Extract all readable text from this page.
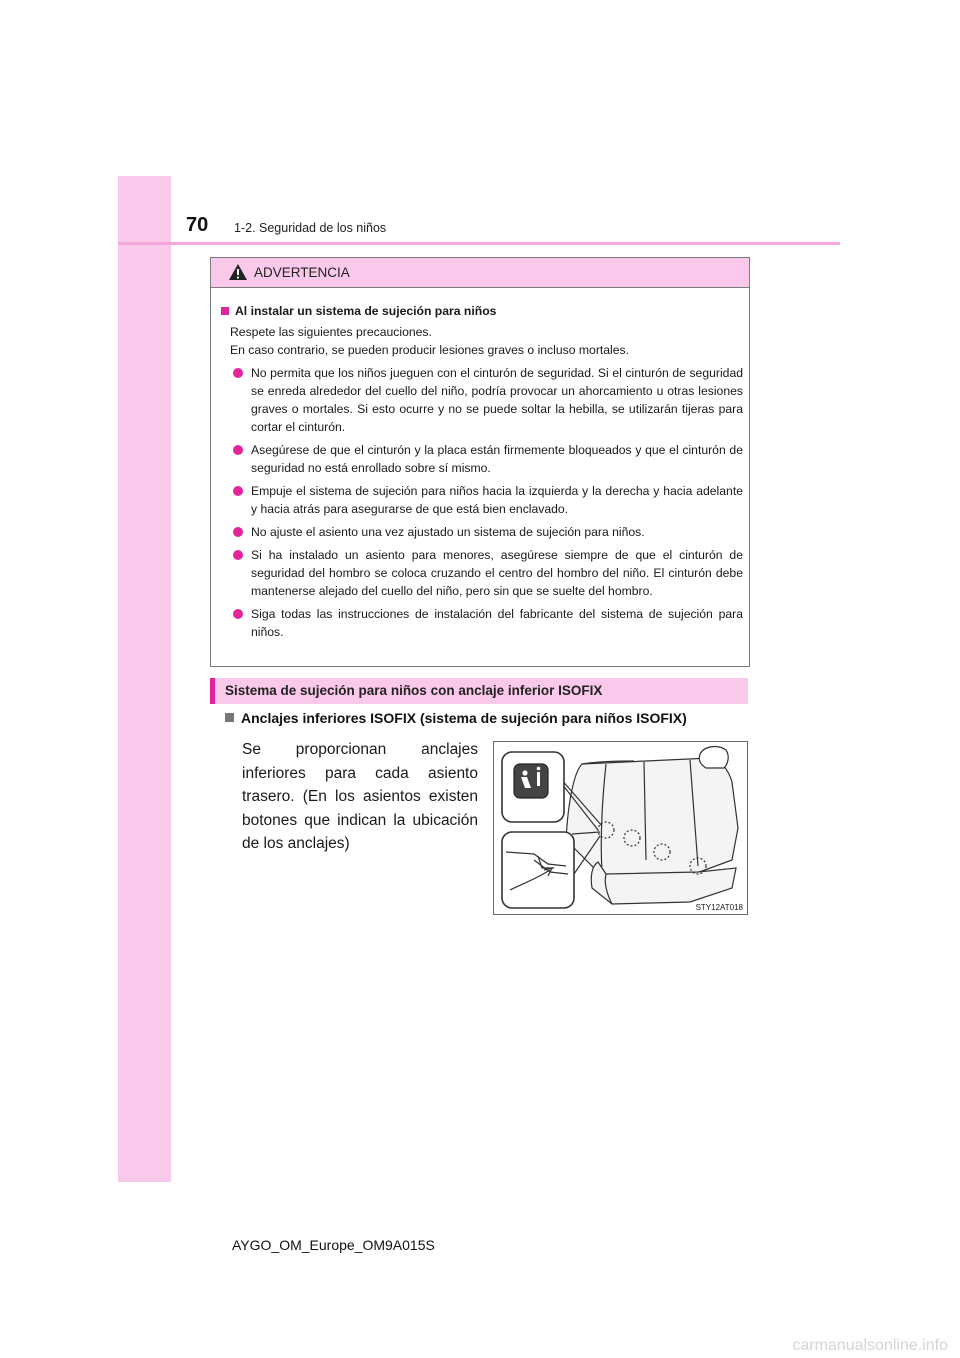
70 1-2. Seguridad de los niños
ADVERTENCIA
Al instalar un sistema de sujeción para niños
Respete las siguientes precauciones.
En caso contrario, se pueden producir lesiones graves o incluso mortales.
No permita que los niños jueguen con el cinturón de seguridad. Si el cinturón de seguridad se enreda alrededor del cuello del niño, podría provocar un ahorcamiento u otras lesiones graves o mortales. Si esto ocurre y no se puede soltar la hebilla, se utilizarán tijeras para cortar el cinturón.
Asegúrese de que el cinturón y la placa están firmemente bloqueados y que el cinturón de seguridad no está enrollado sobre sí mismo.
Empuje el sistema de sujeción para niños hacia la izquierda y la derecha y hacia adelante y hacia atrás para asegurarse de que está bien enclavado.
No ajuste el asiento una vez ajustado un sistema de sujeción para niños.
Si ha instalado un asiento para menores, asegúrese siempre de que el cinturón de seguridad del hombro se coloca cruzando el centro del hombro del niño. El cinturón debe mantenerse alejado del cuello del niño, pero sin que se suelte del hombro.
Siga todas las instrucciones de instalación del fabricante del sistema de sujeción para niños.
Sistema de sujeción para niños con anclaje inferior ISOFIX
Anclajes inferiores ISOFIX (sistema de sujeción para niños ISOFIX)
Se proporcionan anclajes inferiores para cada asiento trasero. (En los asientos existen botones que indican la ubicación de los anclajes)
STY12AT018
AYGO_OM_Europe_OM9A015S
carmanualsonline.info
